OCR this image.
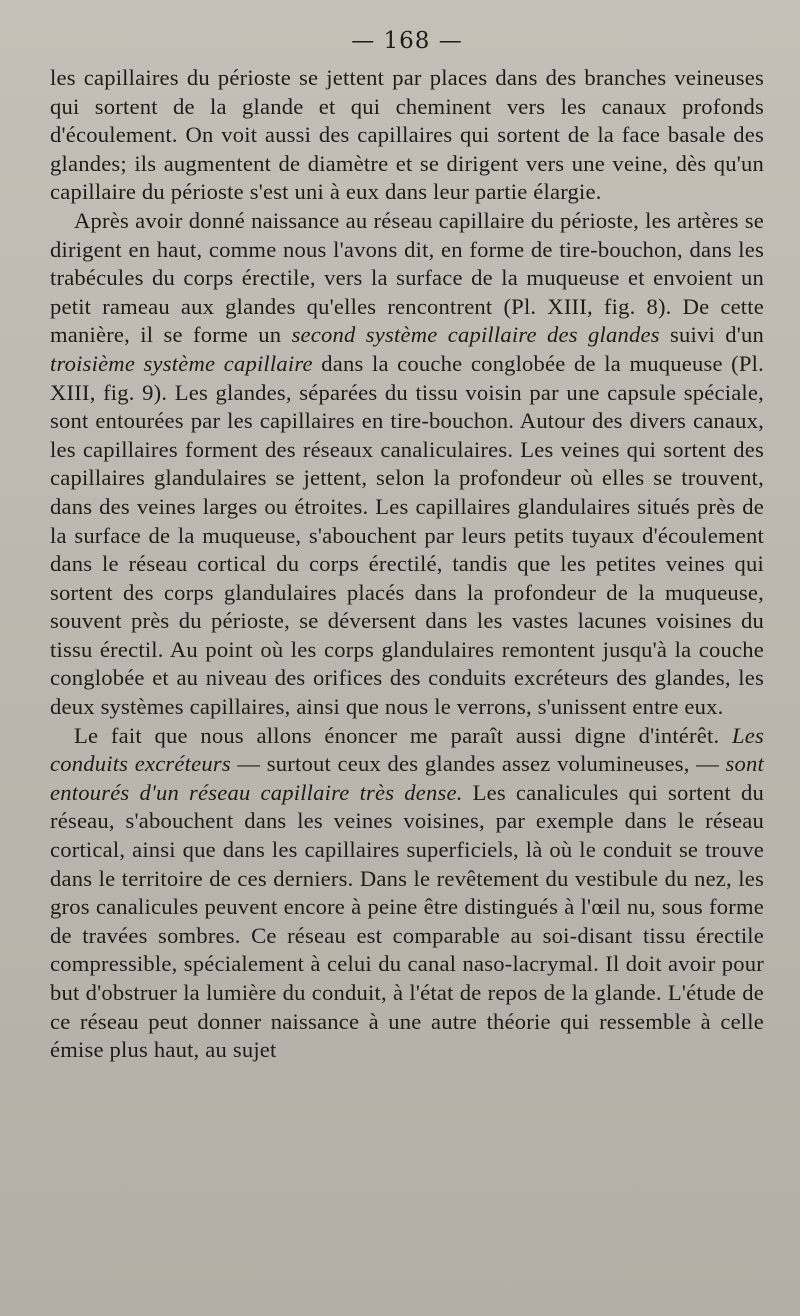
— 168 —

les capillaires du périoste se jettent par places dans des branches veineuses qui sortent de la glande et qui cheminent vers les canaux profonds d'écoulement. On voit aussi des capillaires qui sortent de la face basale des glandes; ils augmentent de diamètre et se dirigent vers une veine, dès qu'un capillaire du périoste s'est uni à eux dans leur partie élargie.

Après avoir donné naissance au réseau capillaire du périoste, les artères se dirigent en haut, comme nous l'avons dit, en forme de tire-bouchon, dans les trabécules du corps érectile, vers la surface de la muqueuse et envoient un petit rameau aux glandes qu'elles rencontrent (Pl. XIII, fig. 8). De cette manière, il se forme un second système capillaire des glandes suivi d'un troisième système capillaire dans la couche conglobée de la muqueuse (Pl. XIII, fig. 9). Les glandes, séparées du tissu voisin par une capsule spéciale, sont entourées par les capillaires en tire-bouchon. Autour des divers canaux, les capillaires forment des réseaux canaliculaires. Les veines qui sortent des capillaires glandulaires se jettent, selon la profondeur où elles se trouvent, dans des veines larges ou étroites. Les capillaires glandulaires situés près de la surface de la muqueuse, s'abouchent par leurs petits tuyaux d'écoulement dans le réseau cortical du corps érectilé, tandis que les petites veines qui sortent des corps glandulaires placés dans la profondeur de la muqueuse, souvent près du périoste, se déversent dans les vastes lacunes voisines du tissu érectil. Au point où les corps glandulaires remontent jusqu'à la couche conglobée et au niveau des orifices des conduits excréteurs des glandes, les deux systèmes capillaires, ainsi que nous le verrons, s'unissent entre eux.

Le fait que nous allons énoncer me paraît aussi digne d'intérêt. Les conduits excréteurs — surtout ceux des glandes assez volumineuses, — sont entourés d'un réseau capillaire très dense. Les canalicules qui sortent du réseau, s'abouchent dans les veines voisines, par exemple dans le réseau cortical, ainsi que dans les capillaires superficiels, là où le conduit se trouve dans le territoire de ces derniers. Dans le revêtement du vestibule du nez, les gros canalicules peuvent encore à peine être distingués à l'œil nu, sous forme de travées sombres. Ce réseau est comparable au soi-disant tissu érectile compressible, spécialement à celui du canal naso-lacrymal. Il doit avoir pour but d'obstruer la lumière du conduit, à l'état de repos de la glande. L'étude de ce réseau peut donner naissance à une autre théorie qui ressemble à celle émise plus haut, au sujet
